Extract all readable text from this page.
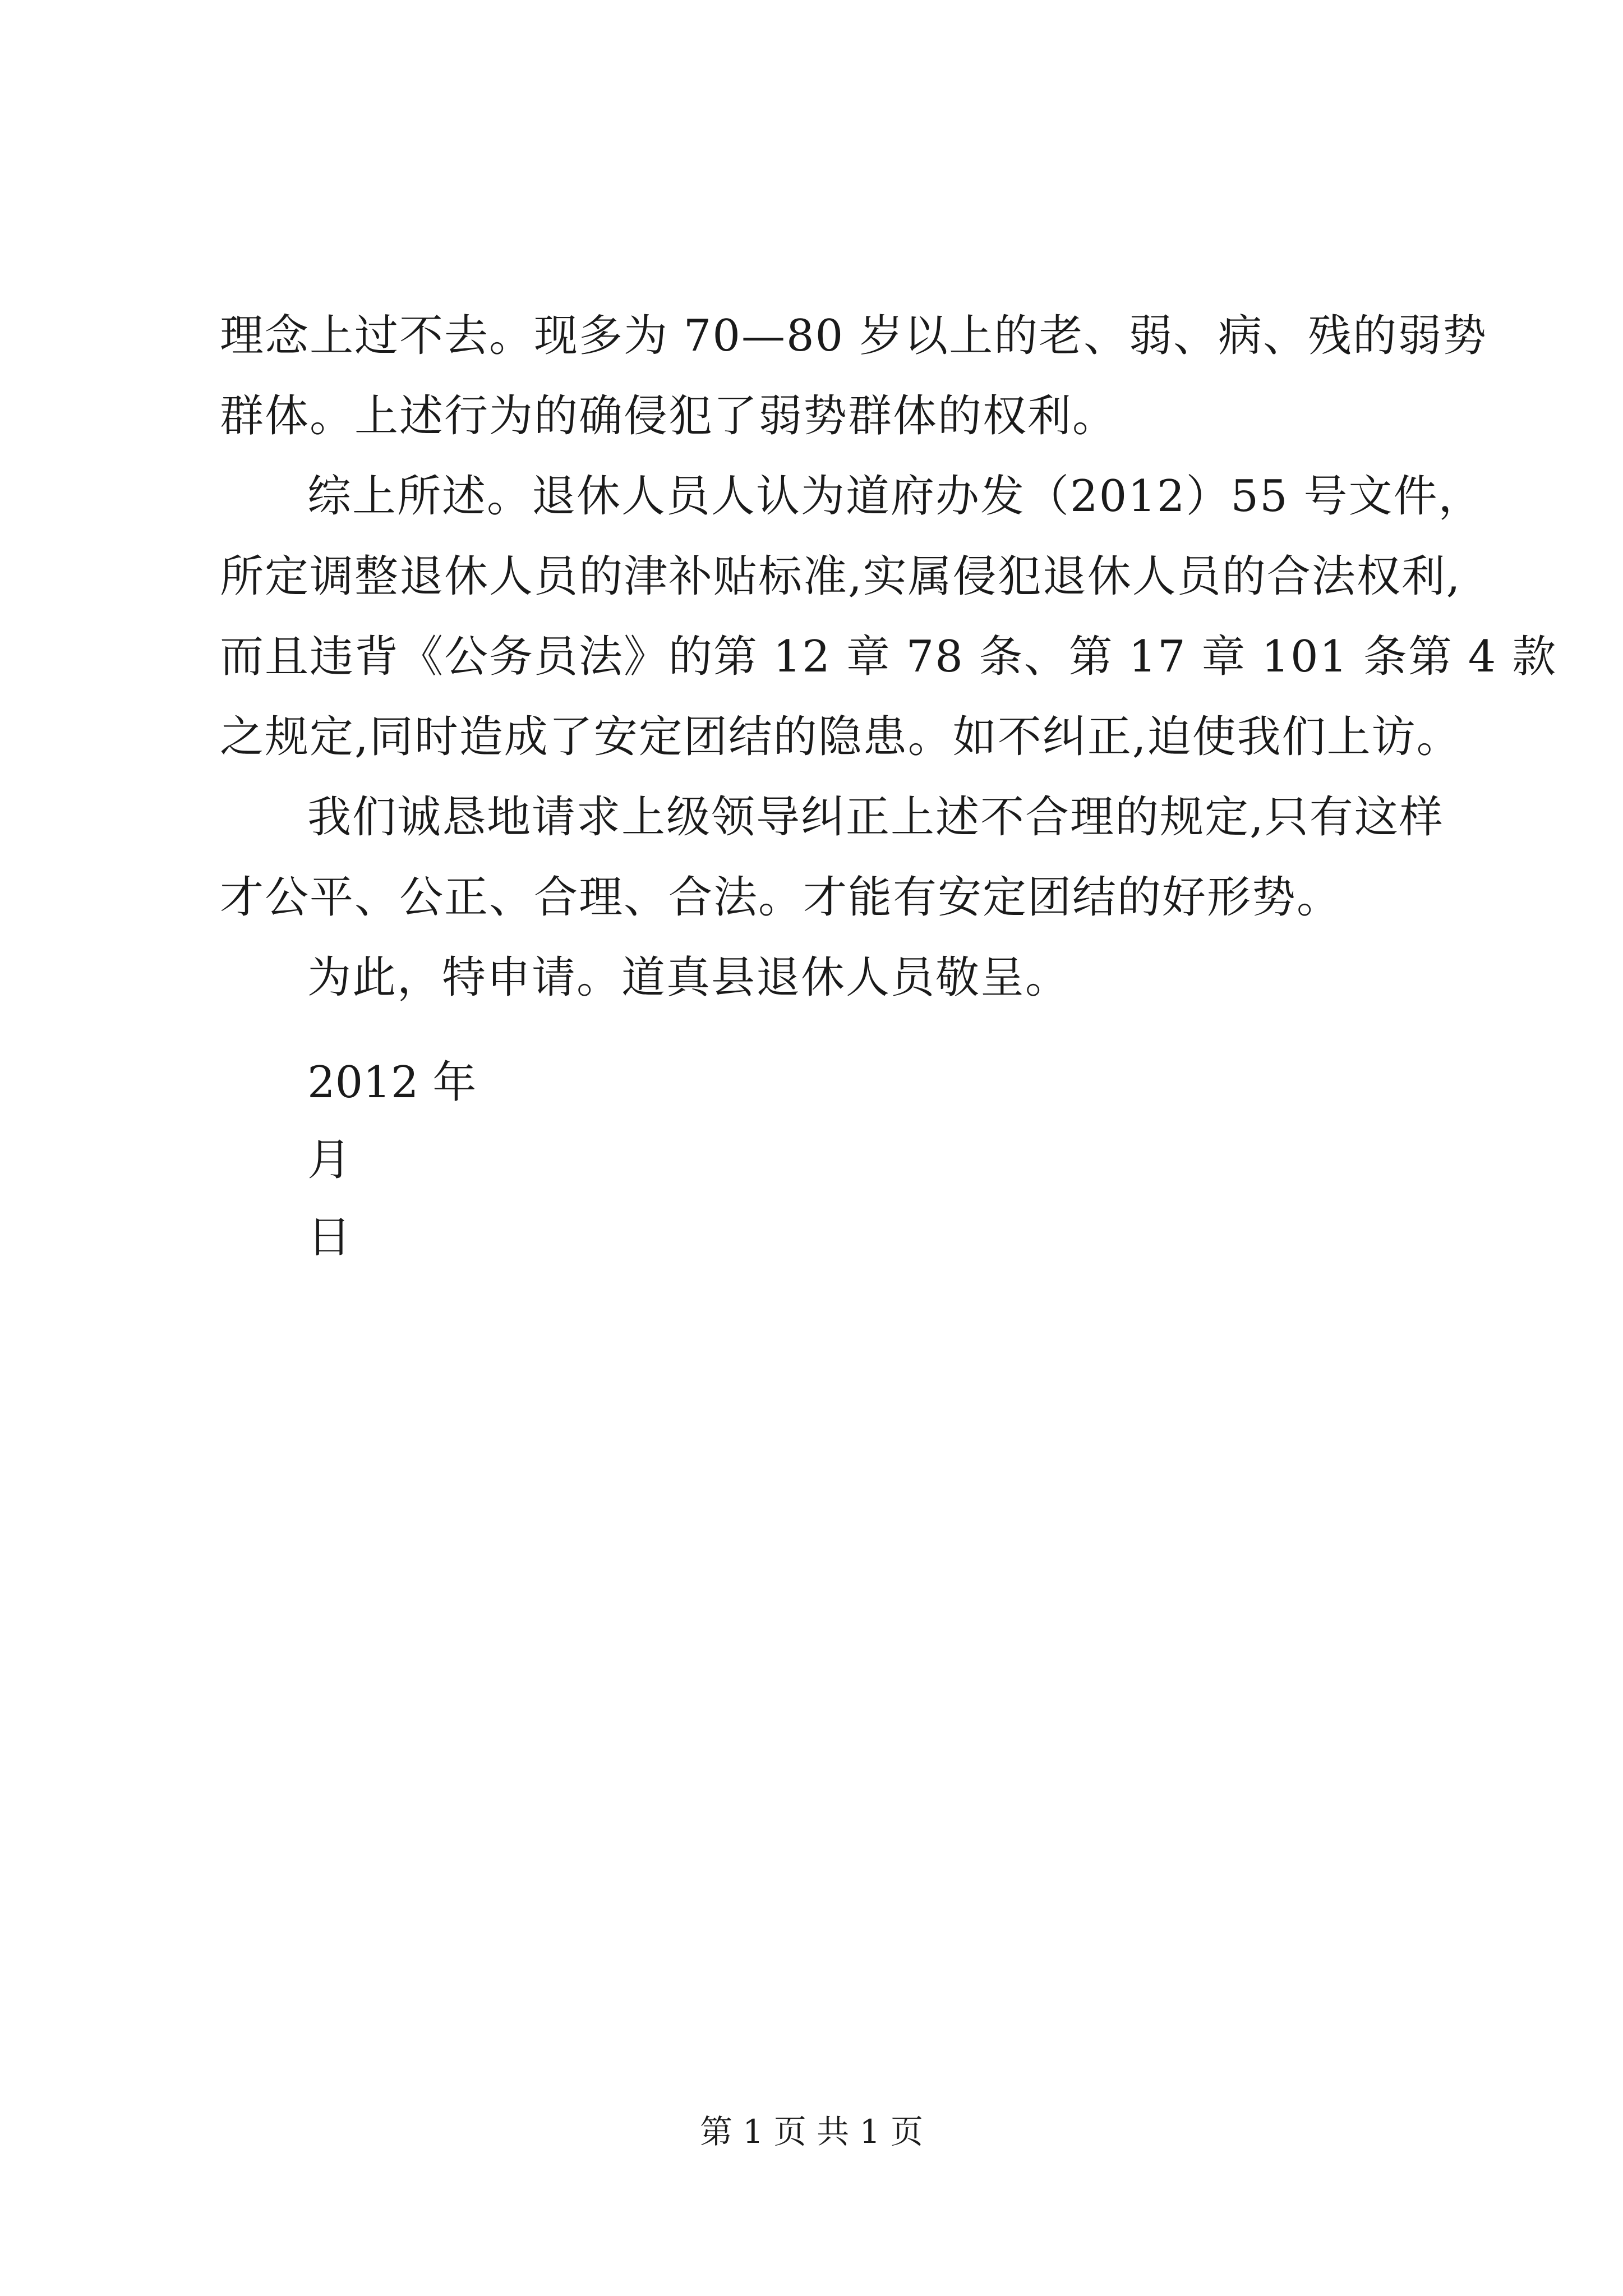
理念上过不去。现多为 70—80 岁以上的老、弱、病、残的弱势
群体。上述行为的确侵犯了弱势群体的权利。
综上所述。退休人员人认为道府办发（2012）55 号文件，
所定调整退休人员的津补贴标准,实属侵犯退休人员的合法权利,
而且违背《公务员法》的第 12 章 78 条、第 17 章 101 条第 4 款
之规定,同时造成了安定团结的隐患。如不纠正,迫使我们上访。
我们诚恳地请求上级领导纠正上述不合理的规定,只有这样
才公平、公正、合理、合法。才能有安定团结的好形势。
为此，特申请。道真县退休人员敬呈。
2012 年
月
日
第 1 页 共 1 页
